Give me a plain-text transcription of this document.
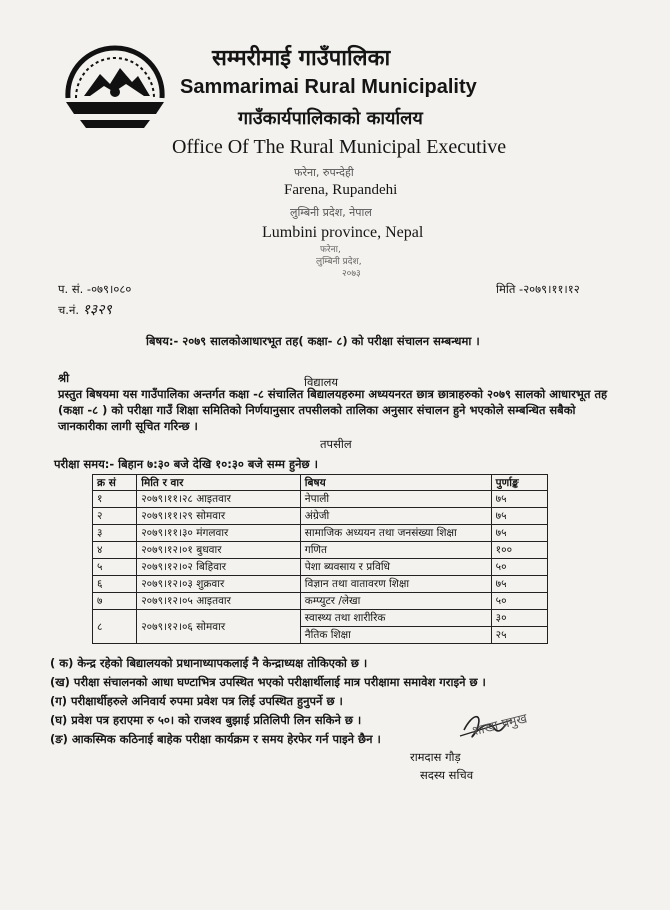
सम्मरीमाई गाउँपालिका
Sammarimai Rural Municipality
गाउँकार्यपालिकाको कार्यालय
Office Of The Rural Municipal Executive
फरेना, रुपन्देही
Farena, Rupandehi
लुम्बिनी प्रदेश, नेपाल
Lumbini province, Nepal
फरेना,
लुम्बिनी प्रदेश,
२०७३
प. सं. -०७९।०८०
च.नं. १३२९
मिति -२०७९।११।१२
बिषय:- २०७९ सालकोआधारभूत तह( कक्षा- ८) को परीक्षा संचालन सम्बन्धमा ।
श्री	विद्यालय
प्रस्तुत बिषयमा यस गाउँपालिका अन्तर्गत कक्षा -८ संचालित बिद्यालयहरुमा अध्ययनरत छात्र छात्राहरुको २०७९ सालको आधारभूत तह (कक्षा -८ ) को परीक्षा गाउँ शिक्षा समितिको निर्णयानुसार तपसीलको तालिका अनुसार संचालन हुने भएकोले सम्बन्धित सबैको जानकारीका लागी सूचित गरिन्छ ।
तपसील
परीक्षा समय:- बिहान ७:३० बजे देखि १०:३० बजे सम्म हुनेछ ।
क्र सं	मिति र वार	बिषय	पुर्णाङ्क
१	२०७९।११।२८ आइतवार	नेपाली	७५
२	२०७९।११।२९ सोमवार	अंग्रेजी	७५
३	२०७९।११।३० मंगलवार	सामाजिक अध्ययन तथा जनसंख्या शिक्षा	७५
४	२०७९।१२।०१ बुधवार	गणित	१००
५	२०७९।१२।०२ बिहिवार	पेशा ब्यवसाय र प्रविधि	५०
६	२०७९।१२।०३ शुक्रवार	विज्ञान तथा वातावरण शिक्षा	७५
७	२०७९।१२।०५ आइतवार	कम्प्युटर /लेखा	५०
८	२०७९।१२।०६ सोमवार	स्वास्थ्य तथा शारीरिक	३०
		नैतिक शिक्षा	२५
( क) केन्द्र रहेको बिद्यालयको प्रधानाध्यापकलाई नै केन्द्राध्यक्ष तोकिएको छ ।
(ख) परीक्षा संचालनको आधा घण्टाभित्र उपस्थित भएको परीक्षार्थीलाई मात्र परीक्षामा समावेश गराइने छ ।
(ग) परीक्षार्थीहरुले अनिवार्य रुपमा प्रवेश पत्र लिई उपस्थित हुनुपर्ने छ ।
(घ) प्रवेश पत्र हराएमा रु ५०। को राजश्व बुझाई प्रतिलिपी लिन सकिने छ ।
(ङ) आकस्मिक कठिनाई बाहेक परीक्षा कार्यक्रम र समय हेरफेर गर्न पाइने छैन ।	शाखा प्रमुख
रामदास गौड़
सदस्य सचिव
